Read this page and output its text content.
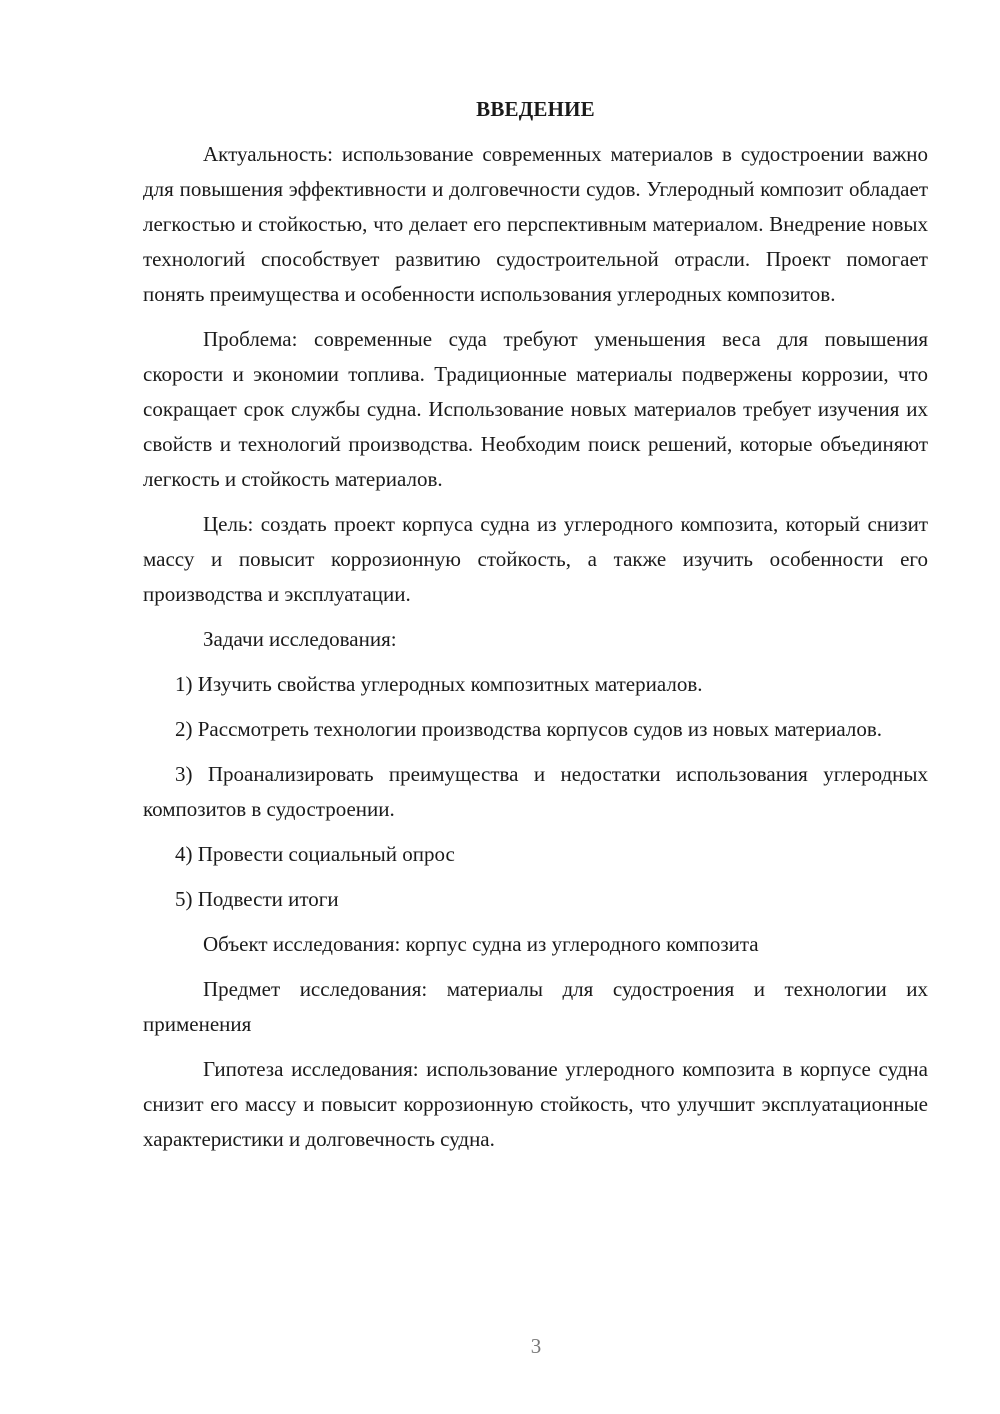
ВВЕДЕНИЕ

Актуальность: использование современных материалов в судостроении важно для повышения эффективности и долговечности судов. Углеродный композит обладает легкостью и стойкостью, что делает его перспективным материалом. Внедрение новых технологий способствует развитию судостроительной отрасли. Проект помогает понять преимущества и особенности использования углеродных композитов.

Проблема: современные суда требуют уменьшения веса для повышения скорости и экономии топлива. Традиционные материалы подвержены коррозии, что сокращает срок службы судна. Использование новых материалов требует изучения их свойств и технологий производства. Необходим поиск решений, которые объединяют легкость и стойкость материалов.

Цель: создать проект корпуса судна из углеродного композита, который снизит массу и повысит коррозионную стойкость, а также изучить особенности его производства и эксплуатации.

Задачи исследования:

1) Изучить свойства углеродных композитных материалов.

2) Рассмотреть технологии производства корпусов судов из новых материалов.

3) Проанализировать преимущества и недостатки использования углеродных композитов в судостроении.

4) Провести социальный опрос

5) Подвести итоги

Объект исследования: корпус судна из углеродного композита

Предмет исследования: материалы для судостроения и технологии их применения

Гипотеза исследования: использование углеродного композита в корпусе судна снизит его массу и повысит коррозионную стойкость, что улучшит эксплуатационные характеристики и долговечность судна.

3
